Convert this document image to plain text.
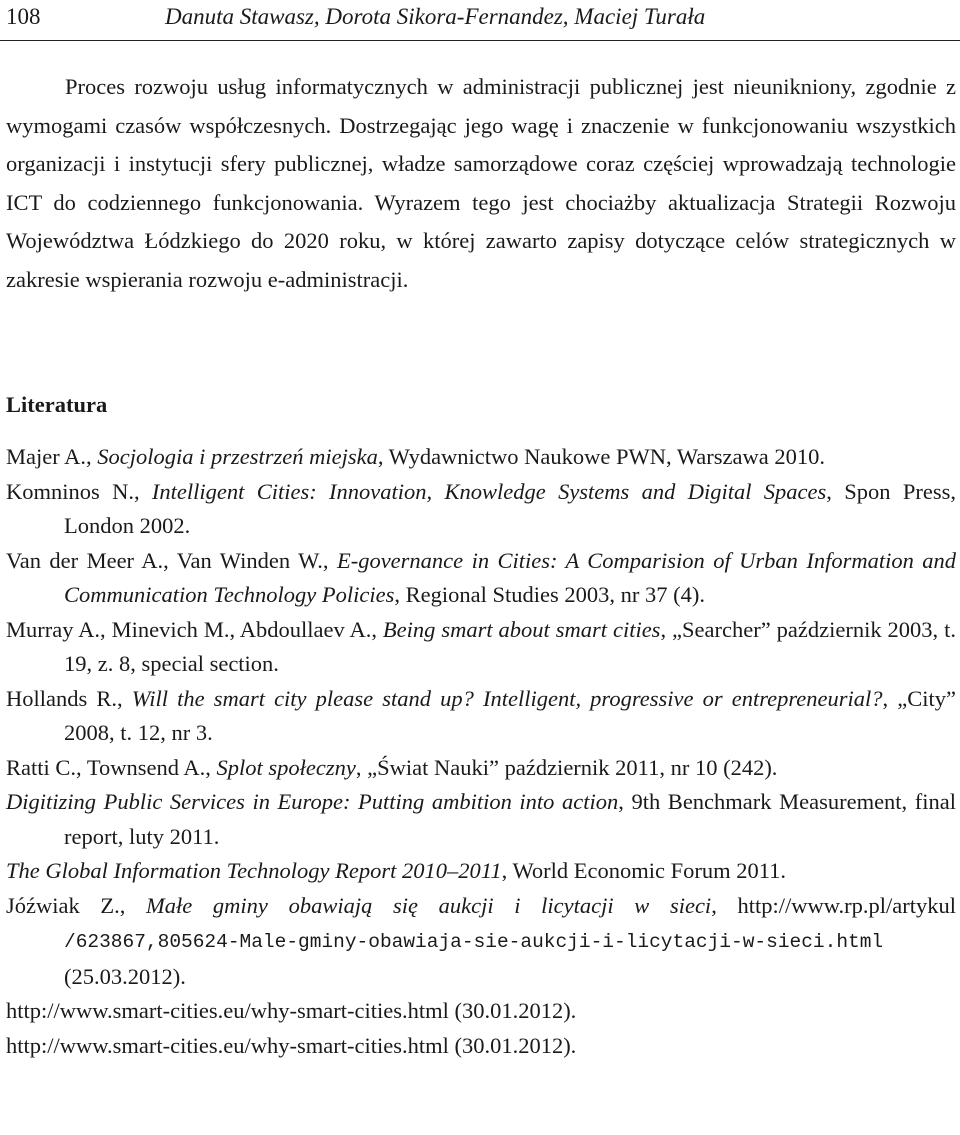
108	Danuta Stawasz, Dorota Sikora-Fernandez, Maciej Turała

Proces rozwoju usług informatycznych w administracji publicznej jest nieunikniony, zgodnie z wymogami czasów współczesnych. Dostrzegając jego wagę i znaczenie w funkcjonowaniu wszystkich organizacji i instytucji sfery publicznej, władze samorządowe coraz częściej wprowadzają technologie ICT do codziennego funkcjonowania. Wyrazem tego jest chociażby aktualizacja Strategii Rozwoju Województwa Łódzkiego do 2020 roku, w której zawarto zapisy dotyczące celów strategicznych w zakresie wspierania rozwoju e-administracji.

Literatura
Majer A., Socjologia i przestrzeń miejska, Wydawnictwo Naukowe PWN, Warszawa 2010.
Komninos N., Intelligent Cities: Innovation, Knowledge Systems and Digital Spaces, Spon Press, London 2002.
Van der Meer A., Van Winden W., E-governance in Cities: A Comparision of Urban Information and Communication Technology Policies, Regional Studies 2003, nr 37 (4).
Murray A., Minevich M., Abdoullaev A., Being smart about smart cities, „Searcher” październik 2003, t. 19, z. 8, special section.
Hollands R., Will the smart city please stand up? Intelligent, progressive or entrepreneurial?, „City” 2008, t. 12, nr 3.
Ratti C., Townsend A., Splot społeczny, „Świat Nauki” październik 2011, nr 10 (242).
Digitizing Public Services in Europe: Putting ambition into action, 9th Benchmark Measurement, final report, luty 2011.
The Global Information Technology Report 2010–2011, World Economic Forum 2011.
Jóźwiak Z., Małe gminy obawiają się aukcji i licytacji w sieci, http://www.rp.pl/artykul /623867,805624-Male-gminy-obawiaja-sie-aukcji-i-licytacji-w-sieci.html (25.03.2012).
http://www.smart-cities.eu/why-smart-cities.html (30.01.2012).
http://www.smart-cities.eu/why-smart-cities.html (30.01.2012).
